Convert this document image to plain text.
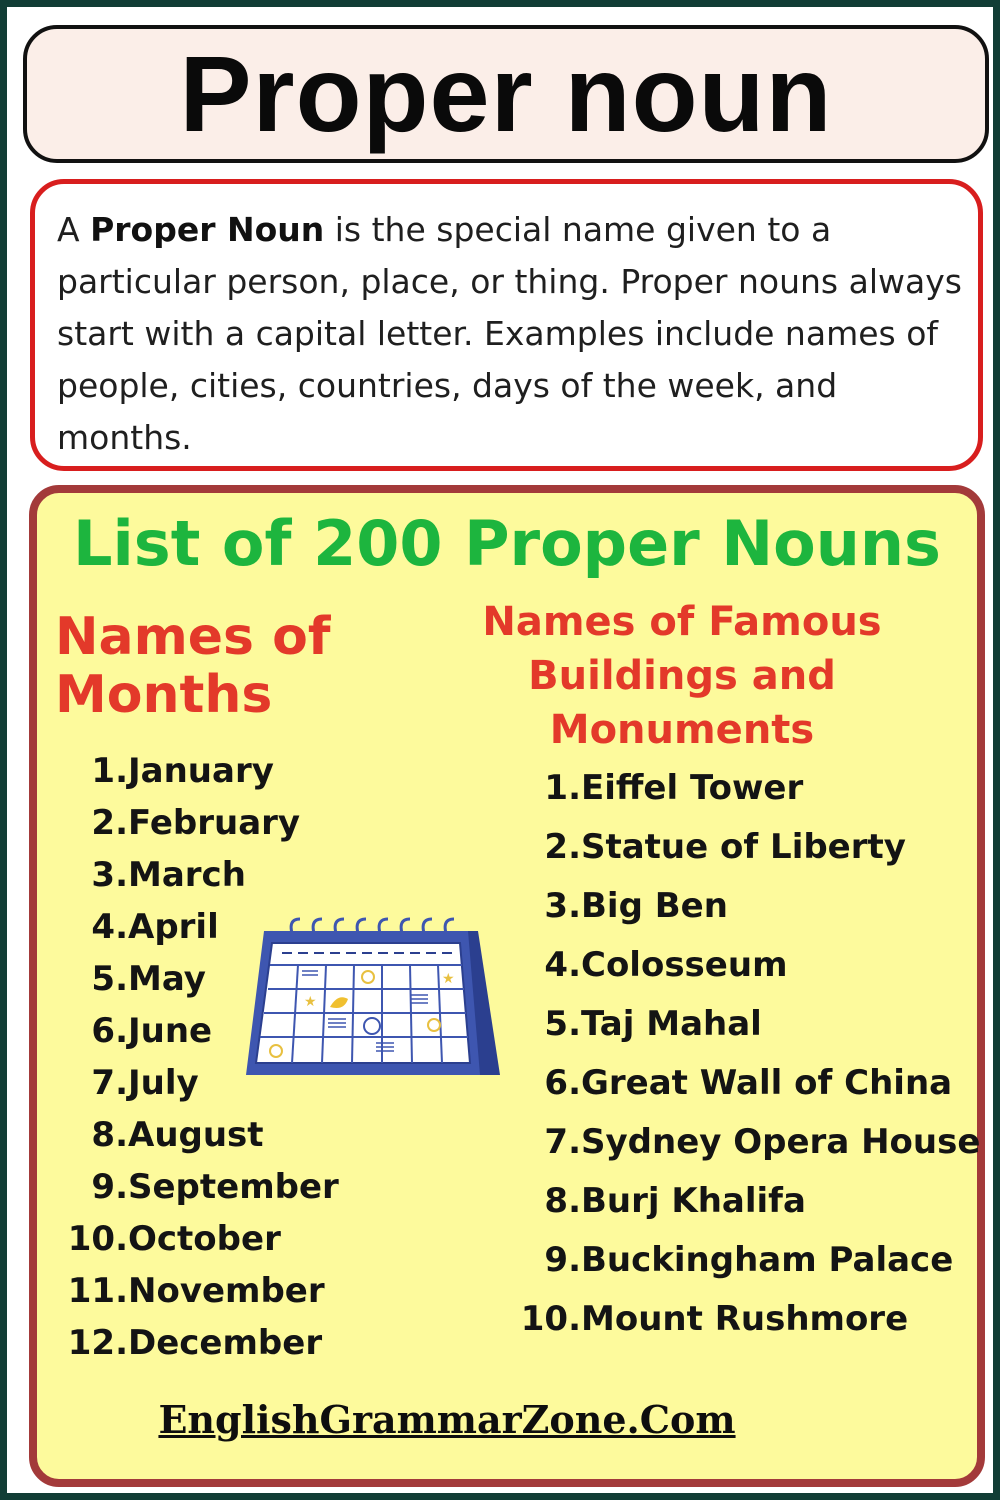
Proper noun

A Proper Noun is the special name given to a particular person, place, or thing. Proper nouns always start with a capital letter. Examples include names of people, cities, countries, days of the week, and months.

List of 200 Proper Nouns
Names of
Months
Names of Famous
Buildings and
Monuments
1.January
2.February
3.March
4.April
5.May
6.June
7.July
8.August
9.September
10.October
11.November
12.December
1.Eiffel Tower
2.Statue of Liberty
3.Big Ben
4.Colosseum
5.Taj Mahal
6.Great Wall of China
7.Sydney Opera House
8.Burj Khalifa
9.Buckingham Palace
10.Mount Rushmore
★
★
EnglishGrammarZone.Com
